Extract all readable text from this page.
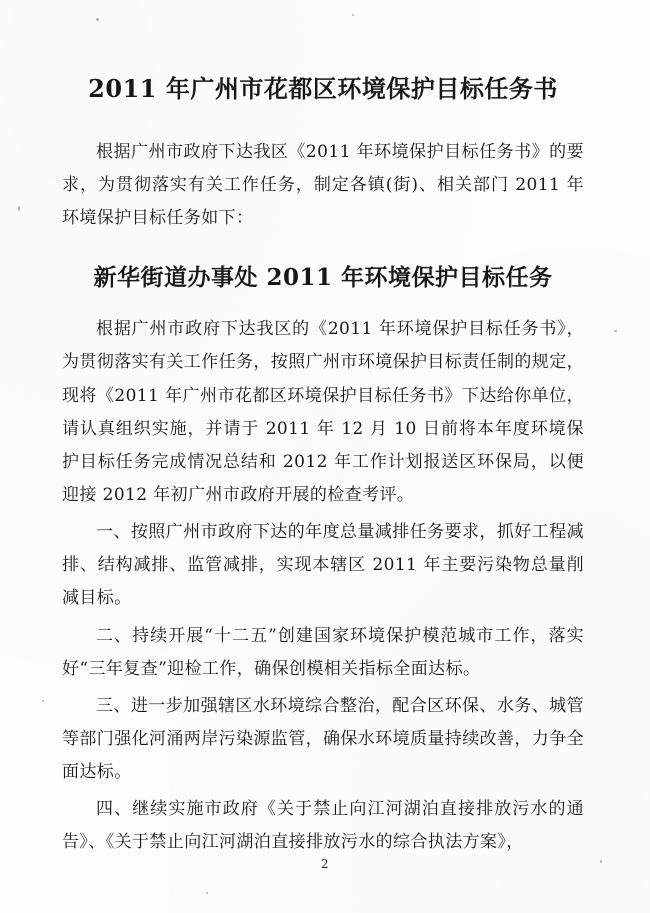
2011 年广州市花都区环境保护目标任务书

根据广州市政府下达我区《2011 年环境保护目标任务书》的要求，为贯彻落实有关工作任务，制定各镇(街)、相关部门 2011 年环境保护目标任务如下：

新华街道办事处 2011 年环境保护目标任务

根据广州市政府下达我区的《2011 年环境保护目标任务书》，为贯彻落实有关工作任务，按照广州市环境保护目标责任制的规定，现将《2011 年广州市花都区环境保护目标任务书》下达给你单位，请认真组织实施，并请于 2011 年 12 月 10 日前将本年度环境保护目标任务完成情况总结和 2012 年工作计划报送区环保局，以便迎接 2012 年初广州市政府开展的检查考评。

一、按照广州市政府下达的年度总量减排任务要求，抓好工程减排、结构减排、监管减排，实现本辖区 2011 年主要污染物总量削减目标。

二、持续开展“十二五”创建国家环境保护模范城市工作，落实好“三年复查”迎检工作，确保创模相关指标全面达标。

三、进一步加强辖区水环境综合整治，配合区环保、水务、城管等部门强化河涌两岸污染源监管，确保水环境质量持续改善，力争全面达标。

四、继续实施市政府《关于禁止向江河湖泊直接排放污水的通告》、《关于禁止向江河湖泊直接排放污水的综合执法方案》，

2
